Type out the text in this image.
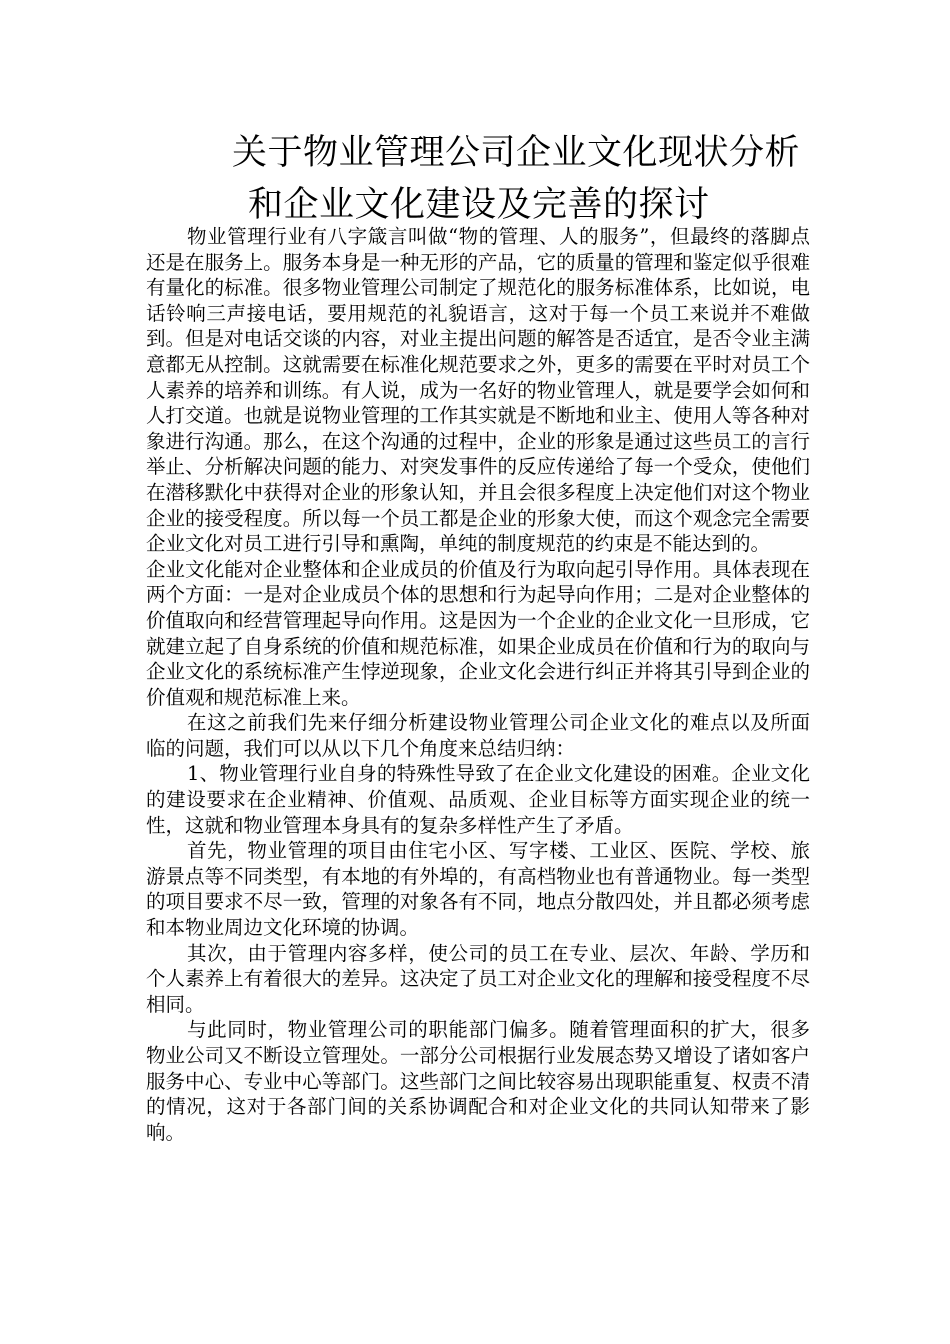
关于物业管理公司企业文化现状分析
和企业文化建设及完善的探讨

物业管理行业有八字箴言叫做“物的管理、人的服务”，但最终的落脚点还是在服务上。服务本身是一种无形的产品，它的质量的管理和鉴定似乎很难有量化的标准。很多物业管理公司制定了规范化的服务标准体系，比如说，电话铃响三声接电话，要用规范的礼貌语言，这对于每一个员工来说并不难做到。但是对电话交谈的内容，对业主提出问题的解答是否适宜，是否令业主满意都无从控制。这就需要在标准化规范要求之外，更多的需要在平时对员工个人素养的培养和训练。有人说，成为一名好的物业管理人，就是要学会如何和人打交道。也就是说物业管理的工作其实就是不断地和业主、使用人等各种对象进行沟通。那么，在这个沟通的过程中，企业的形象是通过这些员工的言行举止、分析解决问题的能力、对突发事件的反应传递给了每一个受众，使他们在潜移默化中获得对企业的形象认知，并且会很多程度上决定他们对这个物业企业的接受程度。所以每一个员工都是企业的形象大使，而这个观念完全需要企业文化对员工进行引导和熏陶，单纯的制度规范的约束是不能达到的。

企业文化能对企业整体和企业成员的价值及行为取向起引导作用。具体表现在两个方面：一是对企业成员个体的思想和行为起导向作用；二是对企业整体的价值取向和经营管理起导向作用。这是因为一个企业的企业文化一旦形成，它就建立起了自身系统的价值和规范标准，如果企业成员在价值和行为的取向与企业文化的系统标准产生悖逆现象，企业文化会进行纠正并将其引导到企业的价值观和规范标准上来。

在这之前我们先来仔细分析建设物业管理公司企业文化的难点以及所面临的问题，我们可以从以下几个角度来总结归纳：

1、物业管理行业自身的特殊性导致了在企业文化建设的困难。企业文化的建设要求在企业精神、价值观、品质观、企业目标等方面实现企业的统一性，这就和物业管理本身具有的复杂多样性产生了矛盾。

首先，物业管理的项目由住宅小区、写字楼、工业区、医院、学校、旅游景点等不同类型，有本地的有外埠的，有高档物业也有普通物业。每一类型的项目要求不尽一致，管理的对象各有不同，地点分散四处，并且都必须考虑和本物业周边文化环境的协调。

其次，由于管理内容多样，使公司的员工在专业、层次、年龄、学历和个人素养上有着很大的差异。这决定了员工对企业文化的理解和接受程度不尽相同。

与此同时，物业管理公司的职能部门偏多。随着管理面积的扩大，很多物业公司又不断设立管理处。一部分公司根据行业发展态势又增设了诸如客户服务中心、专业中心等部门。这些部门之间比较容易出现职能重复、权责不清的情况，这对于各部门间的关系协调配合和对企业文化的共同认知带来了影响。
